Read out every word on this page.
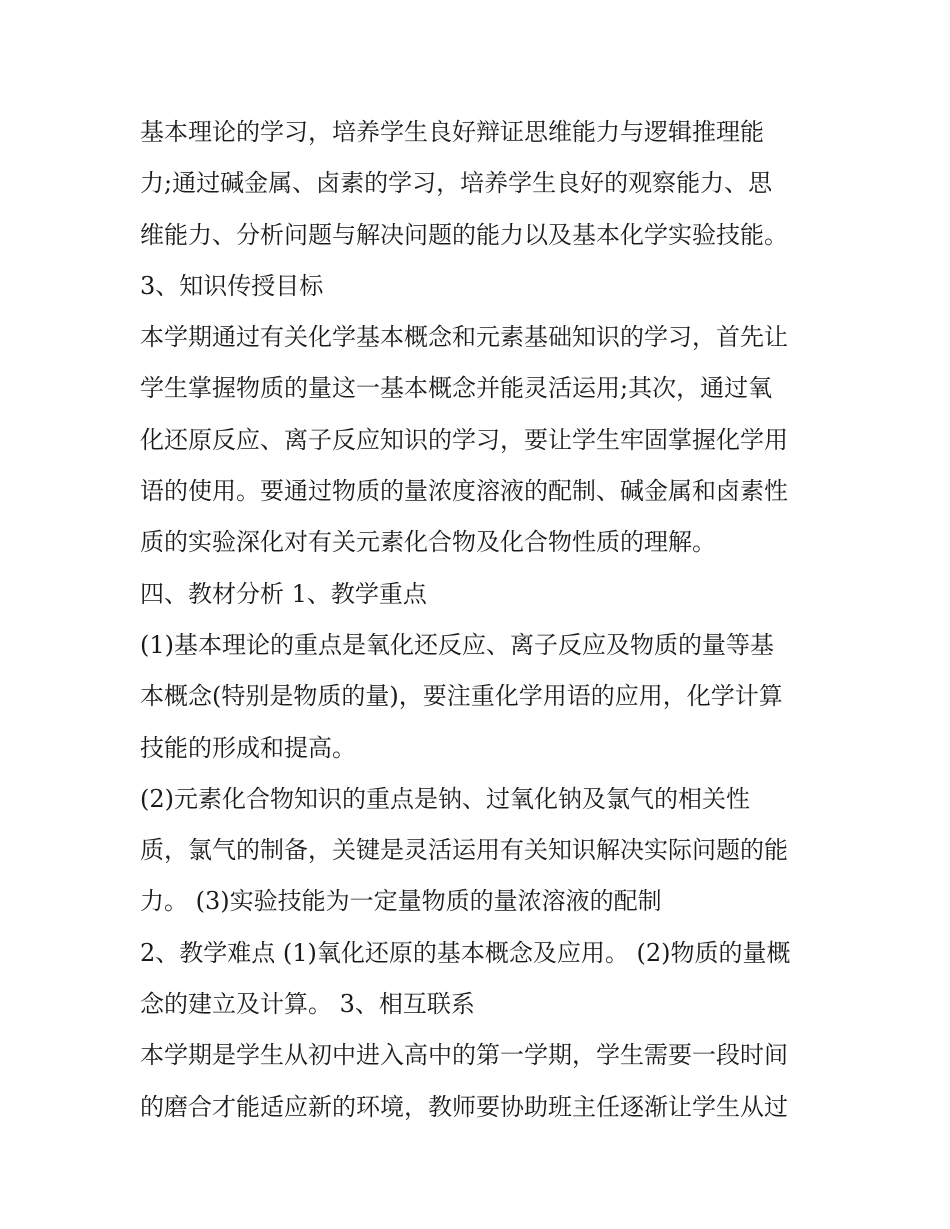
基本理论的学习，培养学生良好辩证思维能力与逻辑推理能
力;通过碱金属、卤素的学习，培养学生良好的观察能力、思
维能力、分析问题与解决问题的能力以及基本化学实验技能。
3、知识传授目标
本学期通过有关化学基本概念和元素基础知识的学习，首先让
学生掌握物质的量这一基本概念并能灵活运用;其次，通过氧
化还原反应、离子反应知识的学习，要让学生牢固掌握化学用
语的使用。要通过物质的量浓度溶液的配制、碱金属和卤素性
质的实验深化对有关元素化合物及化合物性质的理解。
四、教材分析 1、教学重点
(1)基本理论的重点是氧化还反应、离子反应及物质的量等基
本概念(特别是物质的量)，要注重化学用语的应用，化学计算
技能的形成和提高。
(2)元素化合物知识的重点是钠、过氧化钠及氯气的相关性
质，氯气的制备，关键是灵活运用有关知识解决实际问题的能
力。 (3)实验技能为一定量物质的量浓溶液的配制
2、教学难点 (1)氧化还原的基本概念及应用。 (2)物质的量概
念的建立及计算。 3、相互联系
本学期是学生从初中进入高中的第一学期，学生需要一段时间
的磨合才能适应新的环境，教师要协助班主任逐渐让学生从过
